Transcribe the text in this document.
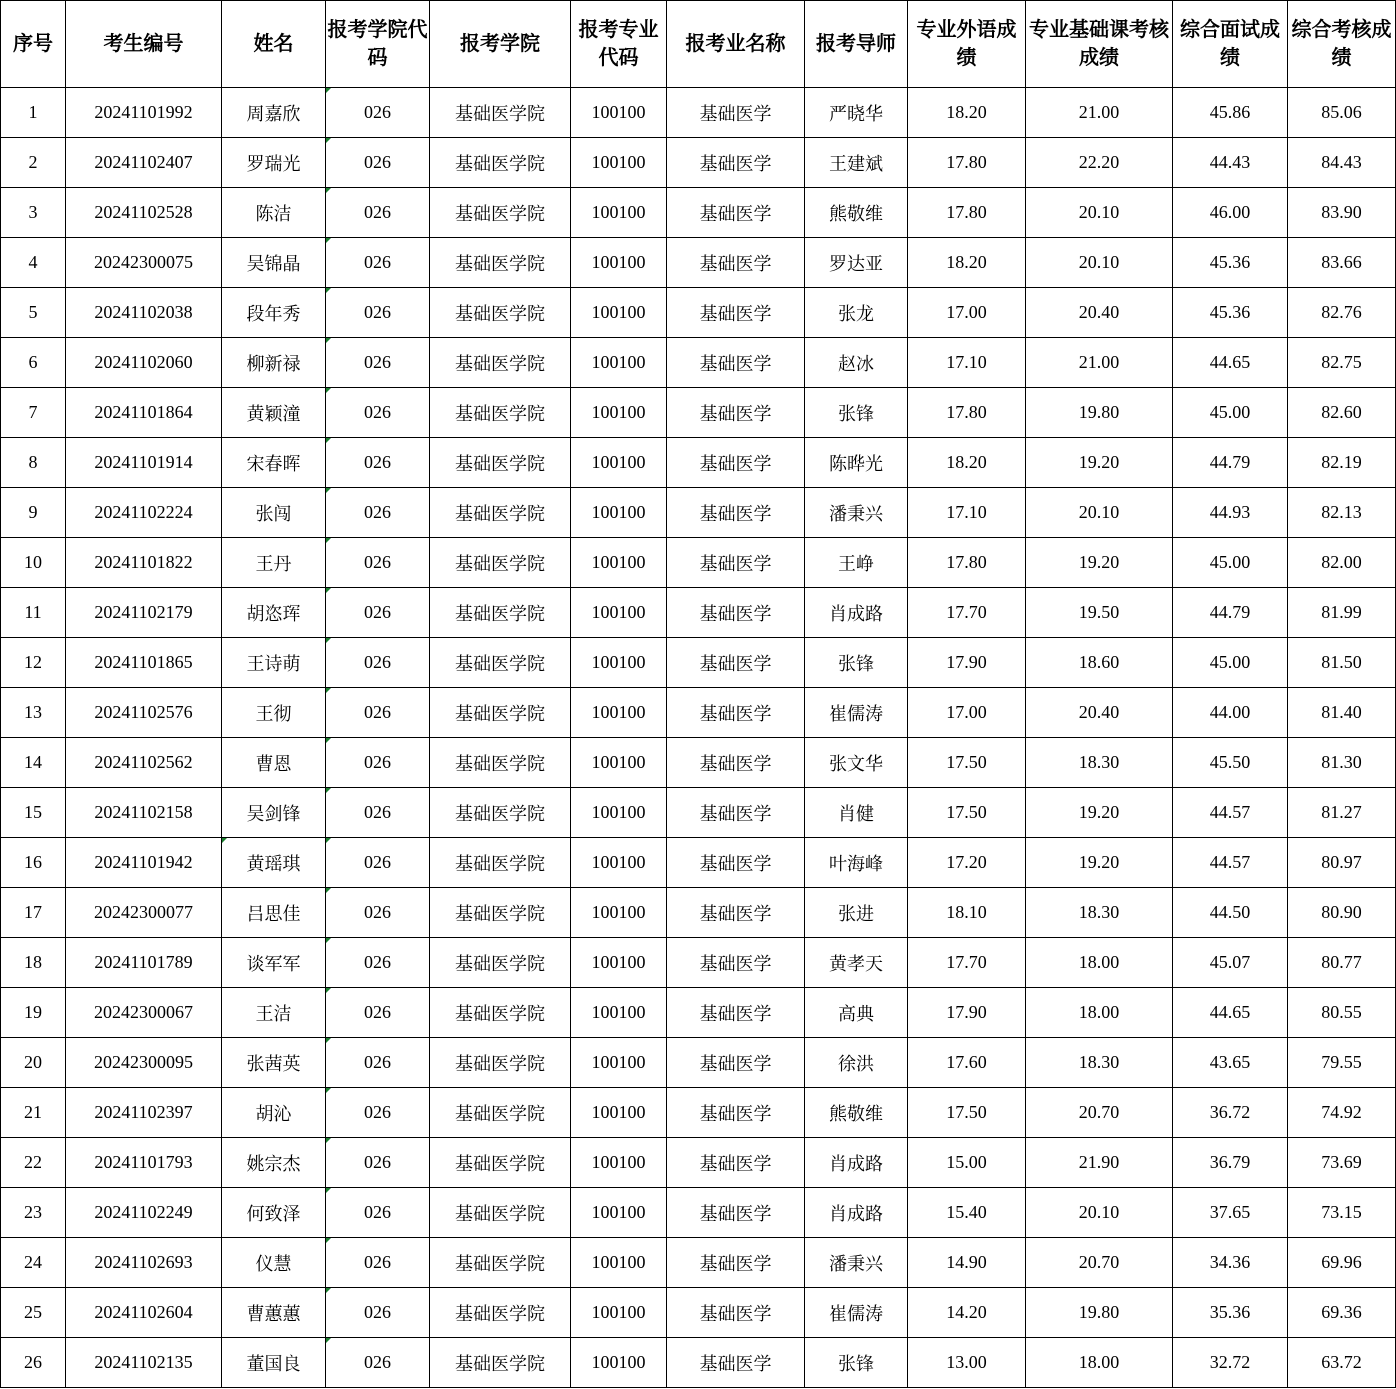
序号	考生编号	姓名	报考学院代码	报考学院	报考专业代码	报考业名称	报考导师	专业外语成绩	专业基础课考核成绩	综合面试成绩	综合考核成绩
1	20241101992	周嘉欣	026	基础医学院	100100	基础医学	严晓华	18.20	21.00	45.86	85.06
2	20241102407	罗瑞光	026	基础医学院	100100	基础医学	王建斌	17.80	22.20	44.43	84.43
3	20241102528	陈洁	026	基础医学院	100100	基础医学	熊敬维	17.80	20.10	46.00	83.90
4	20242300075	吴锦晶	026	基础医学院	100100	基础医学	罗达亚	18.20	20.10	45.36	83.66
5	20241102038	段年秀	026	基础医学院	100100	基础医学	张龙	17.00	20.40	45.36	82.76
6	20241102060	柳新禄	026	基础医学院	100100	基础医学	赵冰	17.10	21.00	44.65	82.75
7	20241101864	黄颖潼	026	基础医学院	100100	基础医学	张锋	17.80	19.80	45.00	82.60
8	20241101914	宋春晖	026	基础医学院	100100	基础医学	陈晔光	18.20	19.20	44.79	82.19
9	20241102224	张闯	026	基础医学院	100100	基础医学	潘秉兴	17.10	20.10	44.93	82.13
10	20241101822	王丹	026	基础医学院	100100	基础医学	王峥	17.80	19.20	45.00	82.00
11	20241102179	胡恣珲	026	基础医学院	100100	基础医学	肖成路	17.70	19.50	44.79	81.99
12	20241101865	王诗萌	026	基础医学院	100100	基础医学	张锋	17.90	18.60	45.00	81.50
13	20241102576	王彻	026	基础医学院	100100	基础医学	崔儒涛	17.00	20.40	44.00	81.40
14	20241102562	曹恩	026	基础医学院	100100	基础医学	张文华	17.50	18.30	45.50	81.30
15	20241102158	吴剑锋	026	基础医学院	100100	基础医学	肖健	17.50	19.20	44.57	81.27
16	20241101942	黄瑶琪	026	基础医学院	100100	基础医学	叶海峰	17.20	19.20	44.57	80.97
17	20242300077	吕思佳	026	基础医学院	100100	基础医学	张进	18.10	18.30	44.50	80.90
18	20241101789	谈军军	026	基础医学院	100100	基础医学	黄孝天	17.70	18.00	45.07	80.77
19	20242300067	王洁	026	基础医学院	100100	基础医学	高典	17.90	18.00	44.65	80.55
20	20242300095	张茜英	026	基础医学院	100100	基础医学	徐洪	17.60	18.30	43.65	79.55
21	20241102397	胡沁	026	基础医学院	100100	基础医学	熊敬维	17.50	20.70	36.72	74.92
22	20241101793	姚宗杰	026	基础医学院	100100	基础医学	肖成路	15.00	21.90	36.79	73.69
23	20241102249	何致泽	026	基础医学院	100100	基础医学	肖成路	15.40	20.10	37.65	73.15
24	20241102693	仪慧	026	基础医学院	100100	基础医学	潘秉兴	14.90	20.70	34.36	69.96
25	20241102604	曹蕙蕙	026	基础医学院	100100	基础医学	崔儒涛	14.20	19.80	35.36	69.36
26	20241102135	董国良	026	基础医学院	100100	基础医学	张锋	13.00	18.00	32.72	63.72
